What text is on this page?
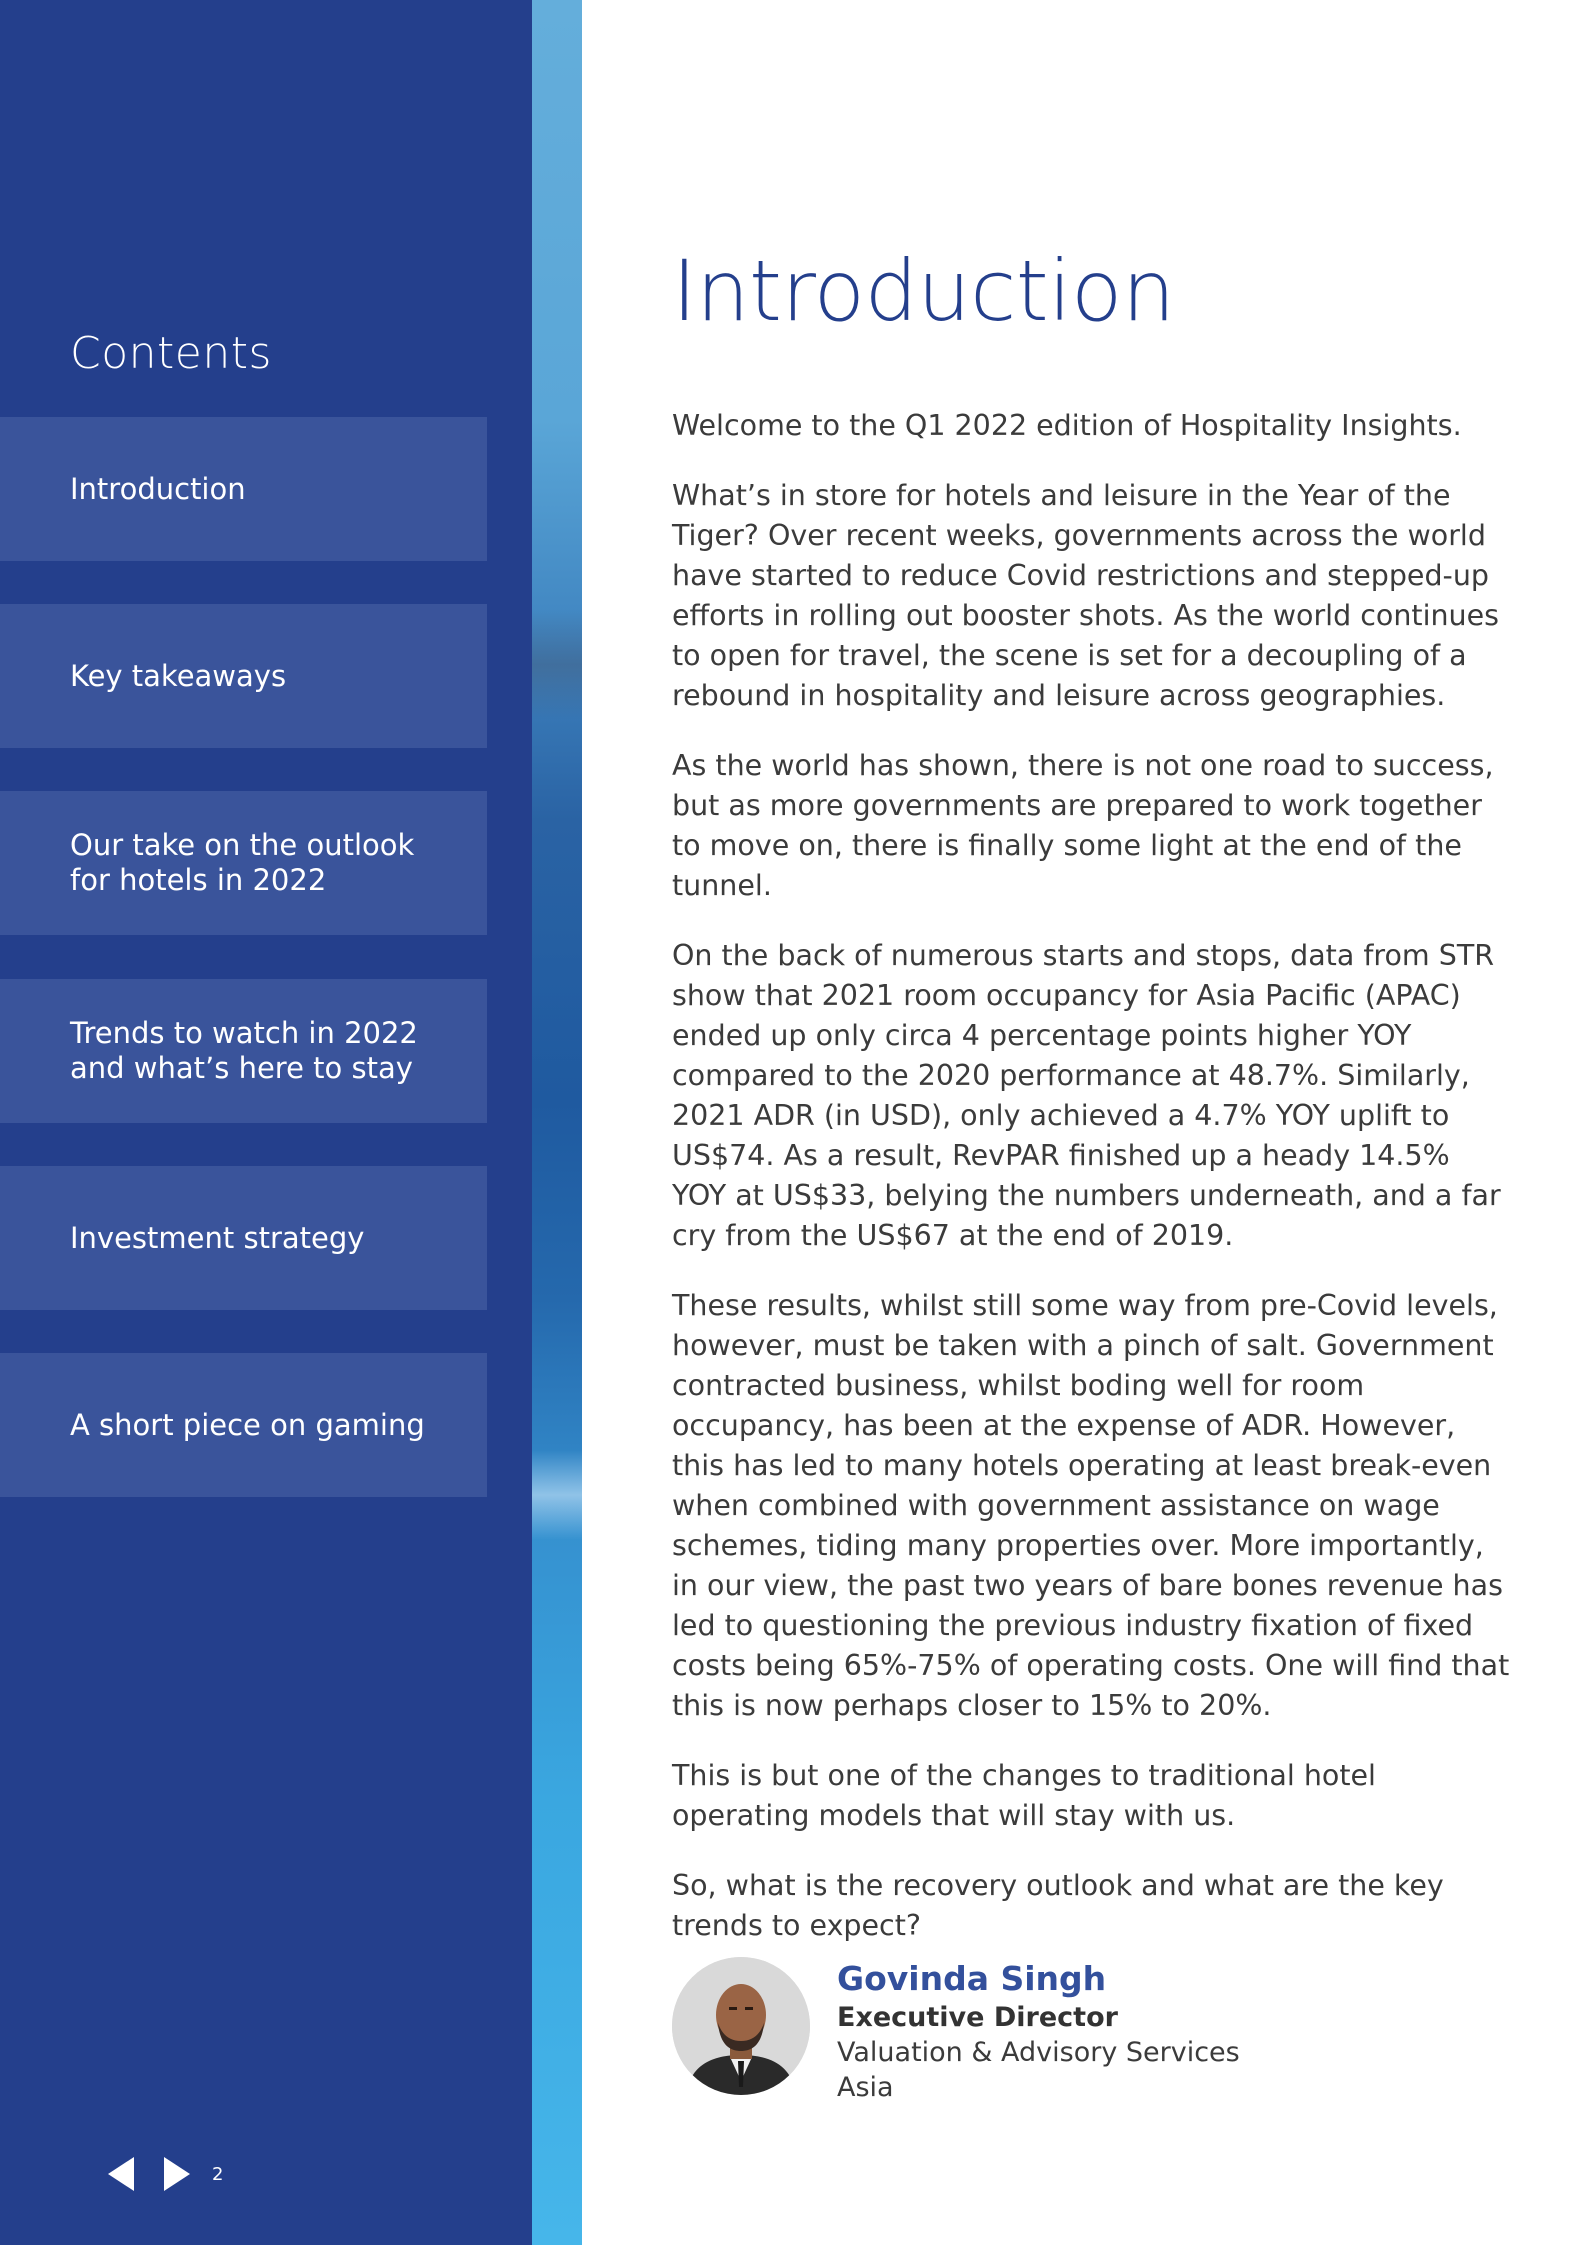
Contents
Introduction
Key takeaways
Our take on the outlook
for hotels in 2022
Trends to watch in 2022
and what’s here to stay
Investment strategy
A short piece on gaming
2
Introduction

Welcome to the Q1 2022 edition of Hospitality Insights.

What’s in store for hotels and leisure in the Year of the Tiger? Over recent weeks, governments across the world have started to reduce Covid restrictions and stepped-up efforts in rolling out booster shots. As the world continues to open for travel, the scene is set for a decoupling of a rebound in hospitality and leisure across geographies.

As the world has shown, there is not one road to success, but as more governments are prepared to work together to move on, there is finally some light at the end of the tunnel.

On the back of numerous starts and stops, data from STR show that 2021 room occupancy for Asia Pacific (APAC) ended up only circa 4 percentage points higher YOY compared to the 2020 performance at 48.7%. Similarly, 2021 ADR (in USD), only achieved a 4.7% YOY uplift to US$74. As a result, RevPAR finished up a heady 14.5% YOY at US$33, belying the numbers underneath, and a far cry from the US$67 at the end of 2019.

These results, whilst still some way from pre-Covid levels, however, must be taken with a pinch of salt. Government contracted business, whilst boding well for room occupancy, has been at the expense of ADR. However, this has led to many hotels operating at least break-even when combined with government assistance on wage schemes, tiding many properties over. More importantly, in our view, the past two years of bare bones revenue has led to questioning the previous industry fixation of fixed costs being 65%-75% of operating costs. One will find that this is now perhaps closer to 15% to 20%.

This is but one of the changes to traditional hotel operating models that will stay with us.

So, what is the recovery outlook and what are the key trends to expect?

Govinda Singh
Executive Director
Valuation & Advisory Services
Asia
